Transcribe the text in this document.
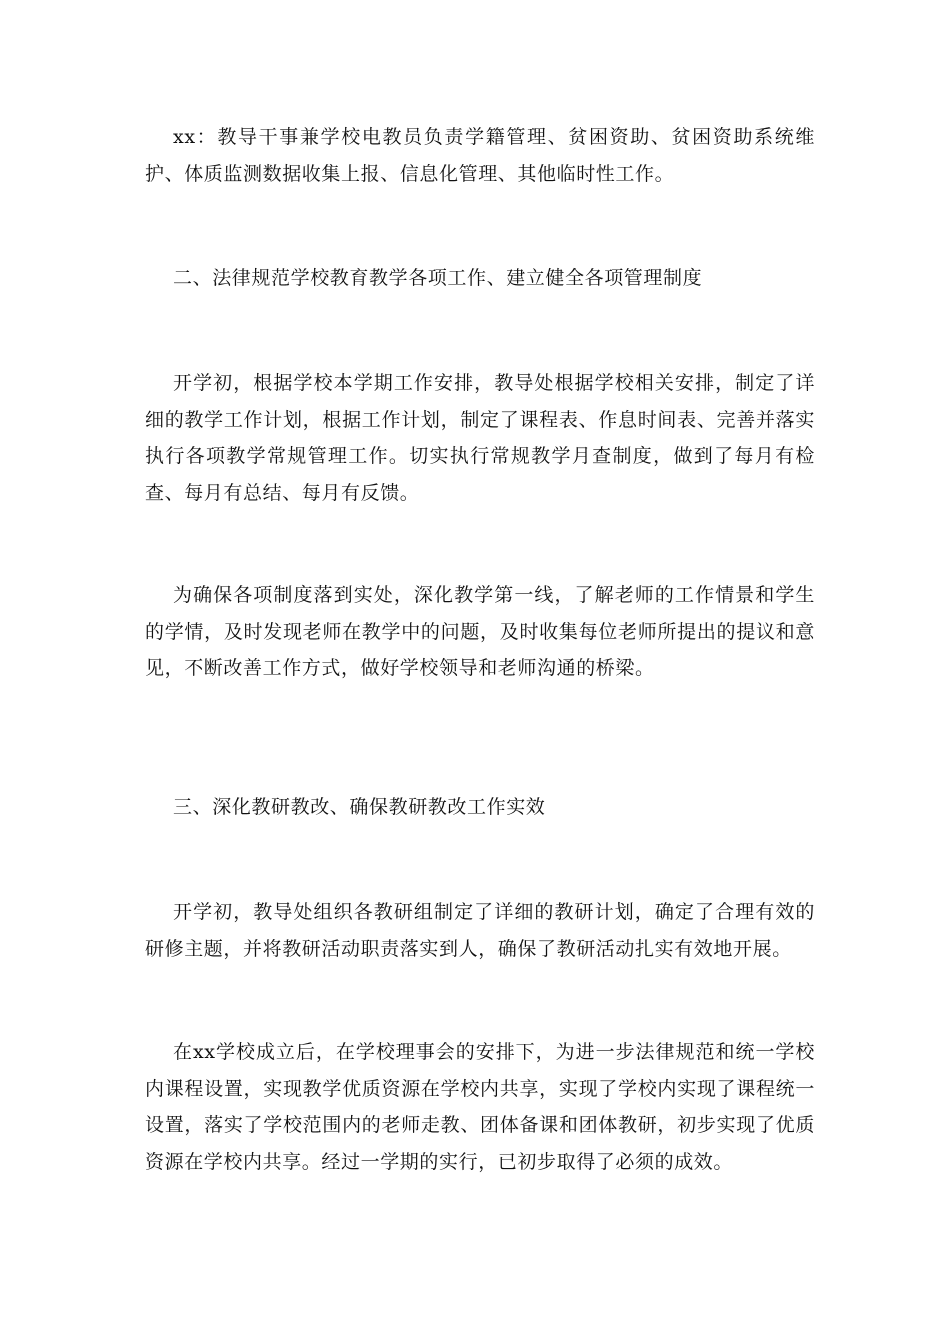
xx：教导干事兼学校电教员负责学籍管理、贫困资助、贫困资助系统维护、体质监测数据收集上报、信息化管理、其他临时性工作。

二、法律规范学校教育教学各项工作、建立健全各项管理制度

开学初，根据学校本学期工作安排，教导处根据学校相关安排，制定了详细的教学工作计划，根据工作计划，制定了课程表、作息时间表、完善并落实执行各项教学常规管理工作。切实执行常规教学月查制度，做到了每月有检查、每月有总结、每月有反馈。

为确保各项制度落到实处，深化教学第一线，了解老师的工作情景和学生的学情，及时发现老师在教学中的问题，及时收集每位老师所提出的提议和意见，不断改善工作方式，做好学校领导和老师沟通的桥梁。

三、深化教研教改、确保教研教改工作实效

开学初，教导处组织各教研组制定了详细的教研计划，确定了合理有效的研修主题，并将教研活动职责落实到人，确保了教研活动扎实有效地开展。

在xx学校成立后，在学校理事会的安排下，为进一步法律规范和统一学校内课程设置，实现教学优质资源在学校内共享，实现了学校内实现了课程统一设置，落实了学校范围内的老师走教、团体备课和团体教研，初步实现了优质资源在学校内共享。经过一学期的实行，已初步取得了必须的成效。
